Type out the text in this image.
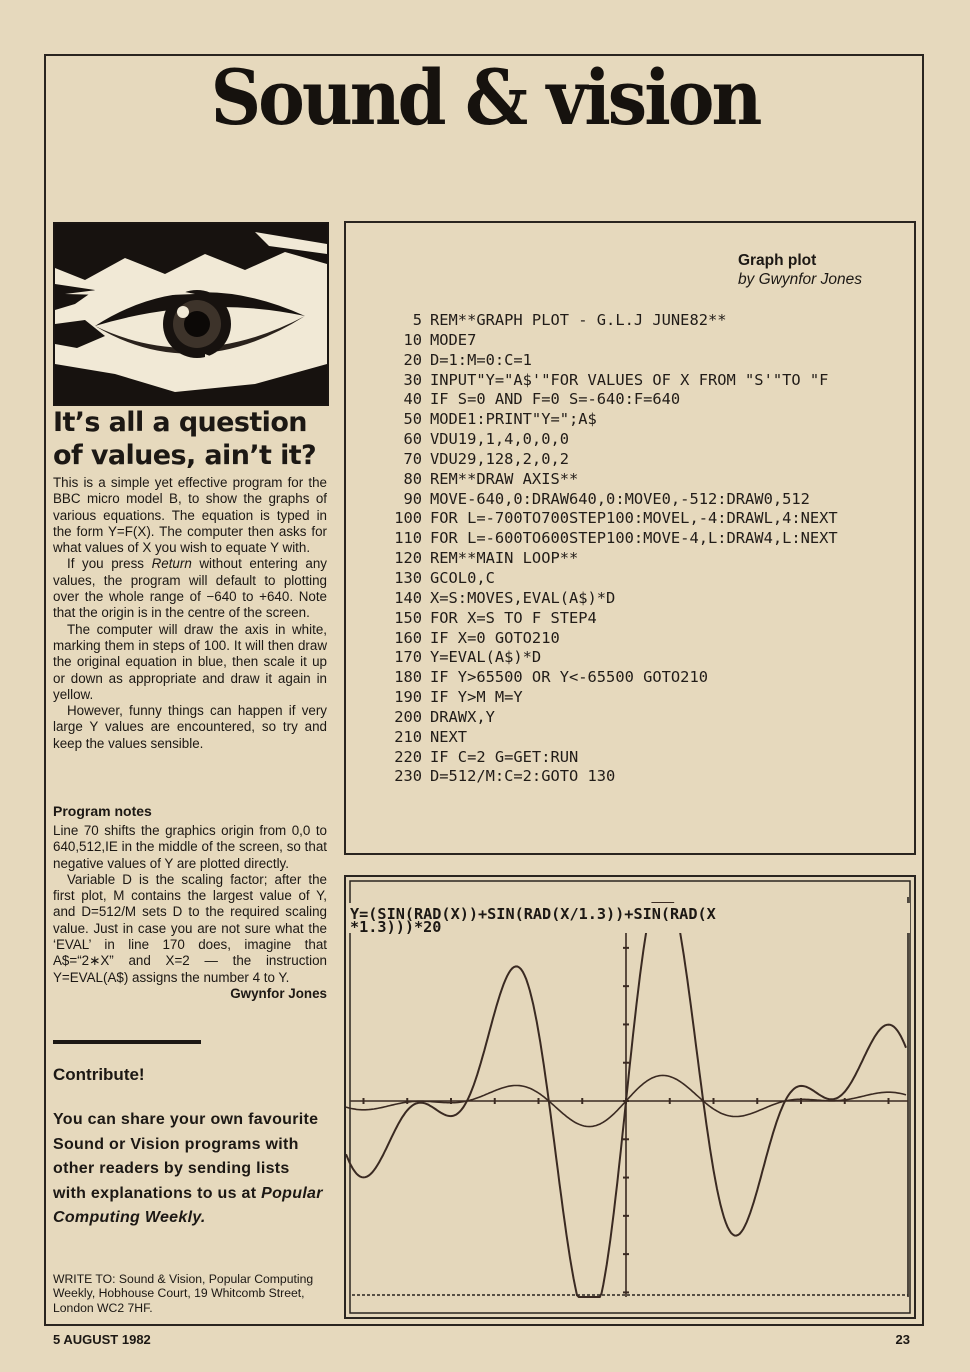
Sound & vision
It’s all a question
of values, ain’t it?

This is a simple yet effective program for the BBC micro model B, to show the graphs of various equations. The equation is typed in the form Y=F(X). The computer then asks for what values of X you wish to equate Y with.

If you press Return without entering any values, the program will default to plotting over the whole range of −640 to +640. Note that the origin is in the centre of the screen.

The computer will draw the axis in white, marking them in steps of 100. It will then draw the original equation in blue, then scale it up or down as appropriate and draw it again in yellow.

However, funny things can happen if very large Y values are encountered, so try and keep the values sensible.

Program notes

Line 70 shifts the graphics origin from 0,0 to 640,512,IE in the middle of the screen, so that negative values of Y are plotted directly.

Variable D is the scaling factor; after the first plot, M contains the largest value of Y, and D=512/M sets D to the required scaling value. Just in case you are not sure what the ‘EVAL’ in line 170 does, imagine that A$=“2∗X” and X=2 — the instruction Y=EVAL(A$) assigns the number 4 to Y.

Gwynfor Jones

Contribute!
You can share your own favourite Sound or Vision programs with other readers by sending lists with explanations to us at Popular Computing Weekly.
WRITE TO: Sound & Vision, Popular Computing Weekly, Hobhouse Court, 19 Whitcomb Street, London WC2 7HF.
Graph plot
by Gwynfor Jones
5 REM**GRAPH PLOT - G.L.J JUNE82**
10 MODE7
20 D=1:M=0:C=1
30 INPUT"Y="A$'"FOR VALUES OF X FROM "S'"TO "F
40 IF S=0 AND F=0 S=-640:F=640
50 MODE1:PRINT"Y=";A$
60 VDU19,1,4,0,0,0
70 VDU29,128,2,0,2
80 REM**DRAW AXIS**
90 MOVE-640,0:DRAW640,0:MOVE0,-512:DRAW0,512
100 FOR L=-700TO700STEP100:MOVEL,-4:DRAWL,4:NEXT
110 FOR L=-600TO600STEP100:MOVE-4,L:DRAW4,L:NEXT
120 REM**MAIN LOOP**
130 GCOL0,C
140 X=S:MOVES,EVAL(A$)*D
150 FOR X=S TO F STEP4
160 IF X=0 GOTO210
170 Y=EVAL(A$)*D
180 IF Y>65500 OR Y<-65500 GOTO210
190 IF Y>M M=Y
200 DRAWX,Y
210 NEXT
220 IF C=2 G=GET:RUN
230 D=512/M:C=2:GOTO 130
Y=(SIN(RAD(X))+SIN(RAD(X/1.3))+SIN(RAD(X
*1.3)))*20
5 AUGUST 1982	23
